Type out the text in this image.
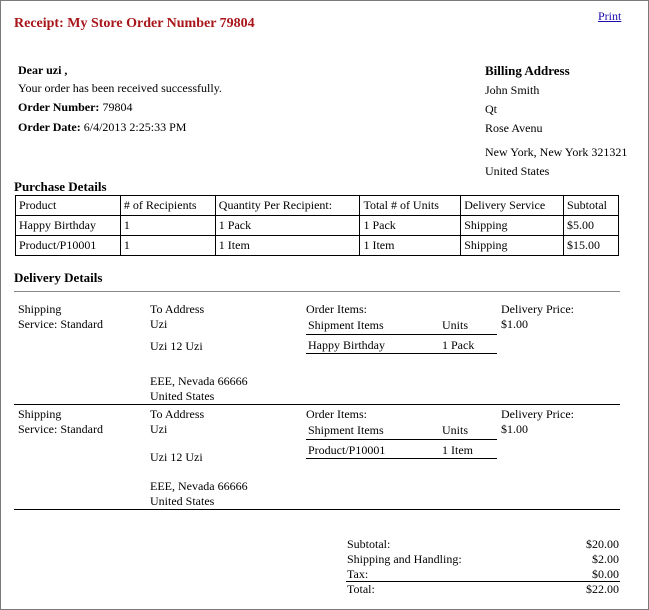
Receipt: My Store Order Number 79804	Print
Dear uzi ,
Your order has been received successfully.
Order Number: 79804
Order Date: 6/4/2013 2:25:33 PM
Billing Address
John Smith
Qt
Rose Avenu
New York, New York 321321
United States
Purchase Details
Product	# of Recipients	Quantity Per Recipient:	Total # of Units	Delivery Service	Subtotal
Happy Birthday	1	1 Pack	1 Pack	Shipping	$5.00
Product/P10001	1	1 Item	1 Item	Shipping	$15.00
Delivery Details
Shipping
Service: Standard
To Address
Uzi
Uzi 12 Uzi
EEE, Nevada 66666
United States
Order Items:
Shipment Items	Units
Happy Birthday	1 Pack
Delivery Price:
$1.00
Shipping
Service: Standard
To Address
Uzi
Uzi 12 Uzi
EEE, Nevada 66666
United States
Order Items:
Shipment Items	Units
Product/P10001	1 Item
Delivery Price:
$1.00
Subtotal:	$20.00
Shipping and Handling:	$2.00
Tax:	$0.00
Total:	$22.00
